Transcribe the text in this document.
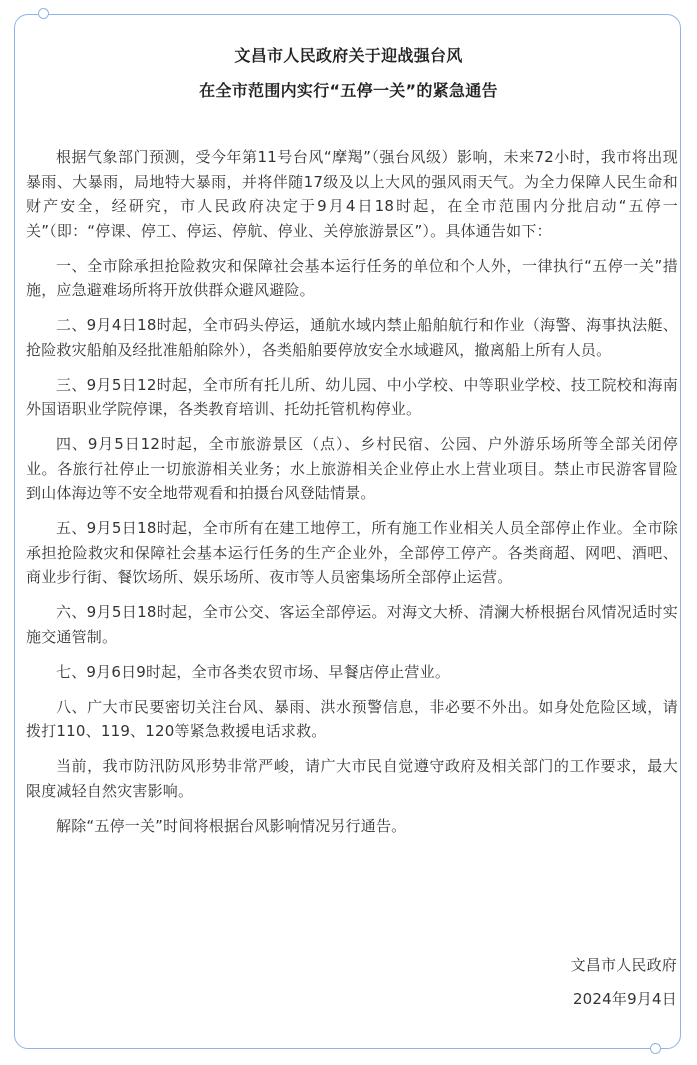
文昌市人民政府关于迎战强台风
在全市范围内实行“五停一关”的紧急通告

根据气象部门预测，受今年第11号台风“摩羯”（强台风级）影响，未来72小时，我市将出现暴雨、大暴雨，局地特大暴雨，并将伴随17级及以上大风的强风雨天气。为全力保障人民生命和财产安全，经研究，市人民政府决定于9月4日18时起，在全市范围内分批启动“五停一关”（即：“停课、停工、停运、停航、停业、关停旅游景区”）。具体通告如下：

一、全市除承担抢险救灾和保障社会基本运行任务的单位和个人外，一律执行“五停一关”措施，应急避难场所将开放供群众避风避险。

二、9月4日18时起，全市码头停运，通航水域内禁止船舶航行和作业（海警、海事执法艇、抢险救灾船舶及经批准船舶除外），各类船舶要停放安全水域避风，撤离船上所有人员。

三、9月5日12时起，全市所有托儿所、幼儿园、中小学校、中等职业学校、技工院校和海南外国语职业学院停课，各类教育培训、托幼托管机构停业。

四、9月5日12时起，全市旅游景区（点）、乡村民宿、公园、户外游乐场所等全部关闭停业。各旅行社停止一切旅游相关业务；水上旅游相关企业停止水上营业项目。禁止市民游客冒险到山体海边等不安全地带观看和拍摄台风登陆情景。

五、9月5日18时起，全市所有在建工地停工，所有施工作业相关人员全部停止作业。全市除承担抢险救灾和保障社会基本运行任务的生产企业外，全部停工停产。各类商超、网吧、酒吧、商业步行街、餐饮场所、娱乐场所、夜市等人员密集场所全部停止运营。

六、9月5日18时起，全市公交、客运全部停运。对海文大桥、清澜大桥根据台风情况适时实施交通管制。

七、9月6日9时起，全市各类农贸市场、早餐店停止营业。

八、广大市民要密切关注台风、暴雨、洪水预警信息，非必要不外出。如身处危险区域，请拨打110、119、120等紧急救援电话求救。

当前，我市防汛防风形势非常严峻，请广大市民自觉遵守政府及相关部门的工作要求，最大限度减轻自然灾害影响。

解除“五停一关”时间将根据台风影响情况另行通告。

文昌市人民政府
2024年9月4日
